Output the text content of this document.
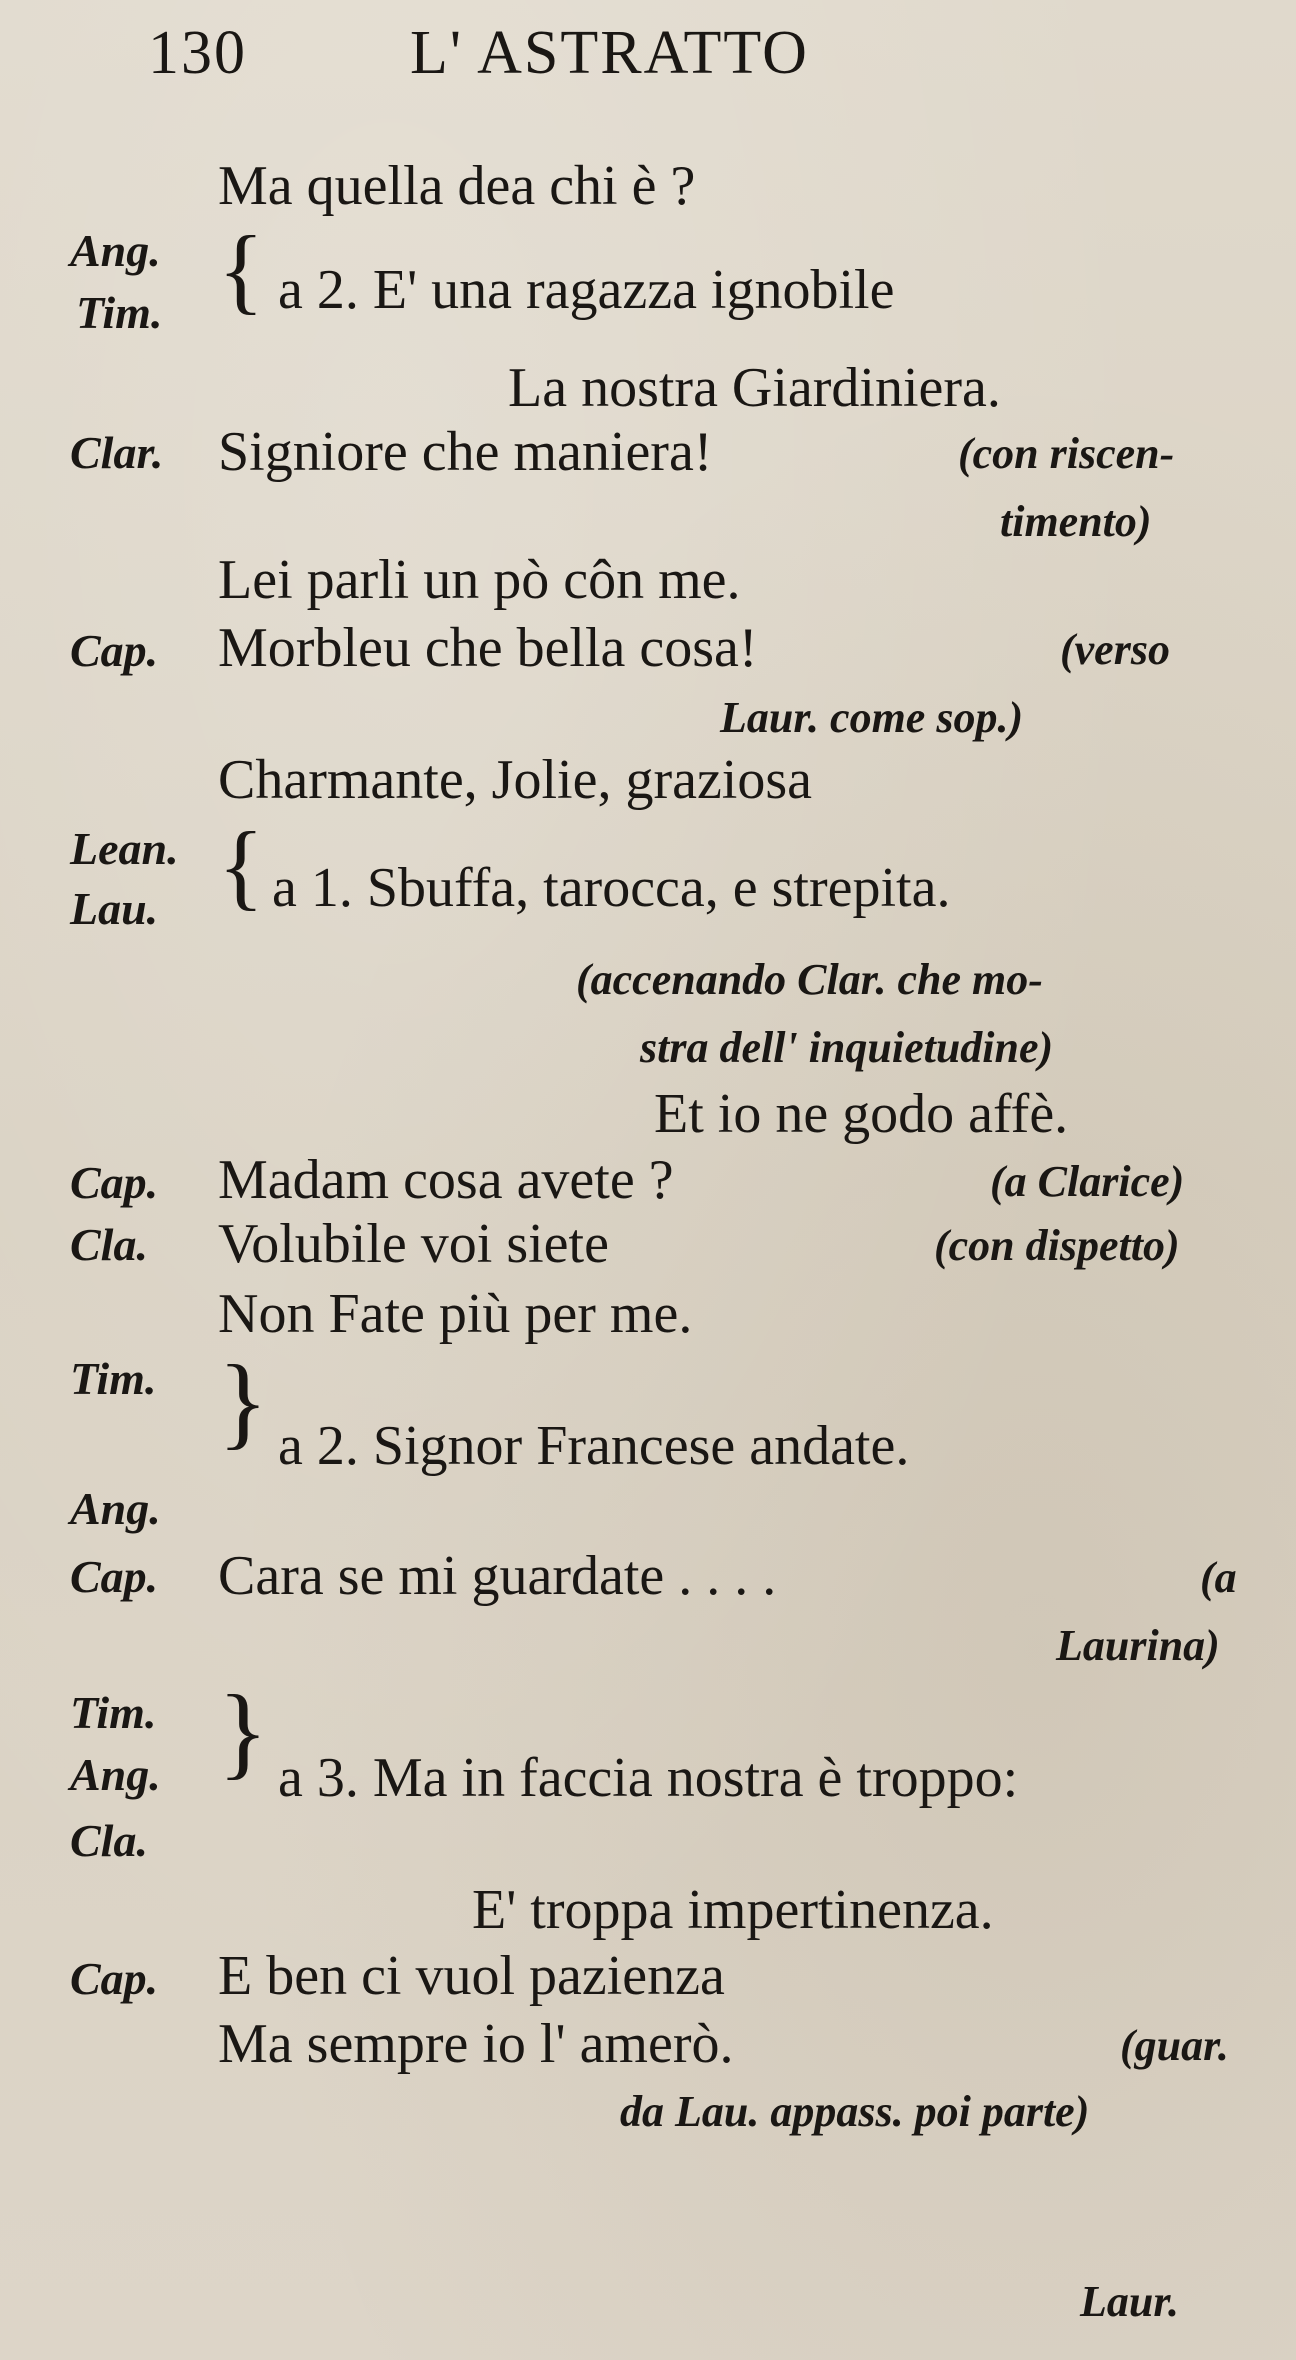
130	L' ASTRATTO
Ma quella dea chi è ?
Ang.
Tim. { a 2. E' una ragazza ignobile
La nostra Giardiniera.
Clar. Signiore che maniera!	(con riscen-
timento)
Lei parli un pò côn me.
Cap. Morbleu che bella cosa!	(verso
Laur. come sop.)
Charmante, Jolie, graziosa
Lean.
Lau. { a 1. Sbuffa, tarocca, e strepita.
(accenando Clar. che mo-
stra dell' inquietudine)
Et io ne godo affè.
Cap. Madam cosa avete ?	(a Clarice)
Cla. Volubile voi siete	(con dispetto)
Non Fate più per me.
Tim. } a 2. Signor Francese andate.
Ang.
Cap. Cara se mi guardate . . . .	(a
Laurina)
Tim. }
Ang. a 3. Ma in faccia nostra è troppo:
Cla.
E' troppa impertinenza.
Cap. E ben ci vuol pazienza
Ma sempre io l' amerò.	(guar.
da Lau. appass. poi parte)
Laur.
